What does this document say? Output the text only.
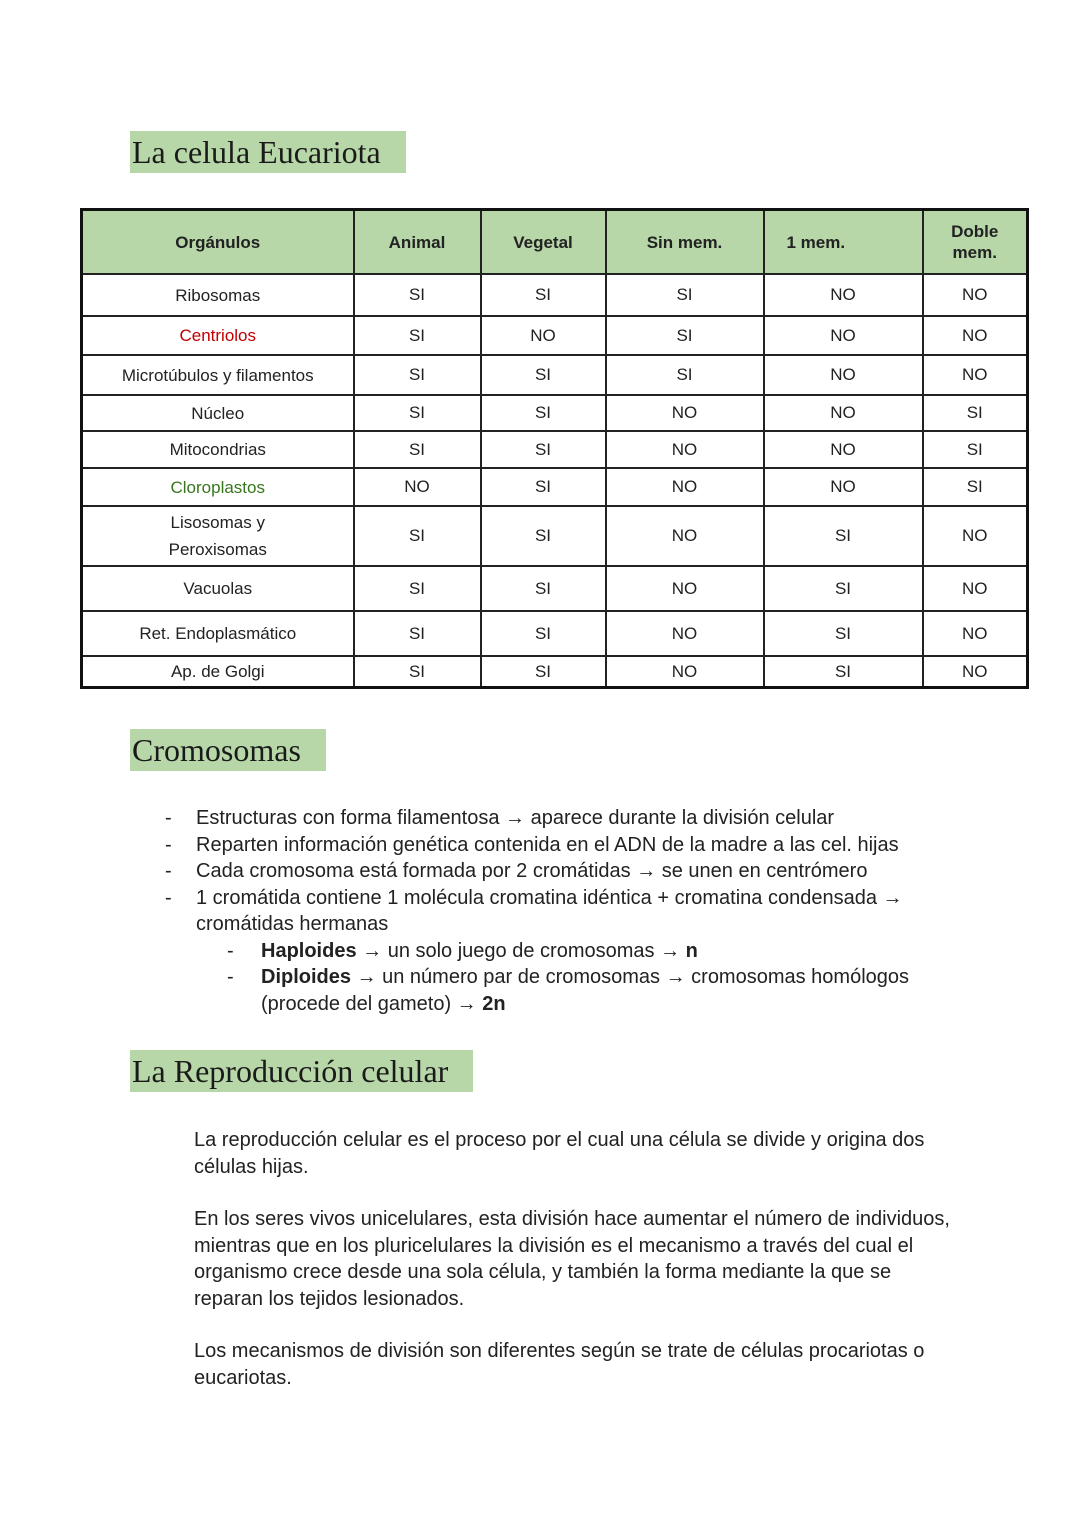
La celula Eucariota
Orgánulos	Animal	Vegetal	Sin mem.	1 mem.	Doble mem.
Ribosomas	SI	SI	SI	NO	NO
Centriolos	SI	NO	SI	NO	NO
Microtúbulos y filamentos	SI	SI	SI	NO	NO
Núcleo	SI	SI	NO	NO	SI
Mitocondrias	SI	SI	NO	NO	SI
Cloroplastos	NO	SI	NO	NO	SI
Lisosomas y Peroxisomas	SI	SI	NO	SI	NO
Vacuolas	SI	SI	NO	SI	NO
Ret. Endoplasmático	SI	SI	NO	SI	NO
Ap. de Golgi	SI	SI	NO	SI	NO
Cromosomas
- Estructuras con forma filamentosa → aparece durante la división celular
- Reparten información genética contenida en el ADN de la madre a las cel. hijas
- Cada cromosoma está formada por 2 cromátidas → se unen en centrómero
- 1 cromátida contiene 1 molécula cromatina idéntica + cromatina condensada → cromátidas hermanas
- Haploides → un solo juego de cromosomas → n
- Diploides → un número par de cromosomas → cromosomas homólogos (procede del gameto) → 2n
La Reproducción celular

La reproducción celular es el proceso por el cual una célula se divide y origina dos células hijas.

En los seres vivos unicelulares, esta división hace aumentar el número de individuos, mientras que en los pluricelulares la división es el mecanismo a través del cual el organismo crece desde una sola célula, y también la forma mediante la que se reparan los tejidos lesionados.

Los mecanismos de división son diferentes según se trate de células procariotas o eucariotas.
